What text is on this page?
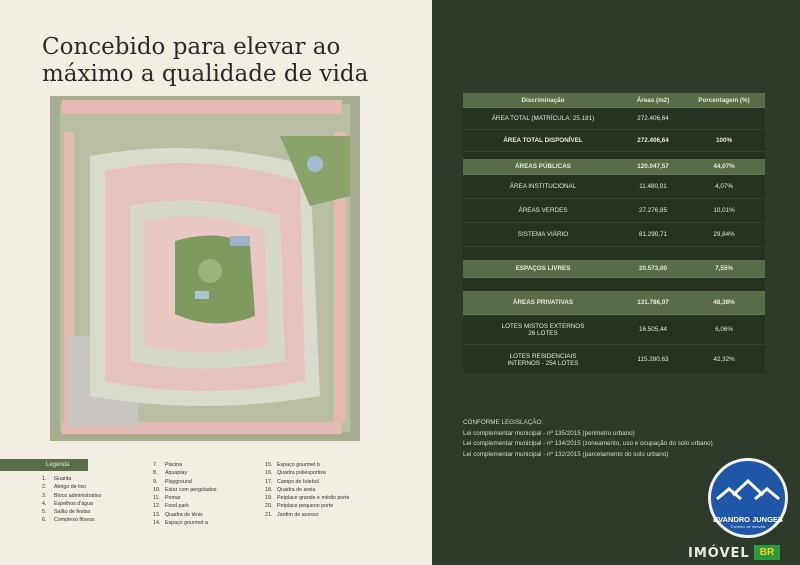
Concebido para elevar ao
máximo a qualidade de vida
Legenda
1. Guarita
2. Abrigo de lixo
3. Bloco administrativo
4. Espelhos d'água
5. Salão de festas
6. Complexo fitness
7. Piscina
8. Aquaplay
9. Playground
10. Estar com pergolados
11. Pomar
12. Food park
13. Quadra de tênis
14. Espaço gourmet a
15. Espaço gourmet b
16. Quadra poliesportiva
17. Campo de futebol
18. Quadra de areia
19. Petplace grande e médio porte
20. Petplace pequeno porte
21. Jardim de acesso
Discriminação	Áreas (m2)	Porcentagem (%)
ÁREA TOTAL (MATRÍCULA: 25.181)	272.406,64
ÁREA TOTAL DISPONÍVEL	272.406,64	100%
ÁREAS PÚBLICAS	120.047,57	44,07%
ÁREA INSTITUCIONAL	11.480,01	4,07%
ÁREAS VERDES	27.276,85	10,01%
SISTEMA VIÁRIO	81.290,71	29,84%
ESPAÇOS LIVRES	20.573,00	7,55%
ÁREAS PRIVATIVAS	131.786,07	48,38%
LOTES MISTOS EXTERNOS
26 LOTES	16.505,44	6,06%
LOTES RESIDENCIAIS
INTERNOS - 254 LOTES	115.280,63	42,32%
CONFORME LEGISLAÇÃO:
Lei complementar municipal - nº 135/2015 (perimetro urbano)
Lei complementar municipal - nº 134/2015 (zoneamento, uso e ocupação do solo urbano)
Lei complementar municipal - nº 132/2015 (parcelamento do solo urbano)
EVANDRO JUNGES
Corretor de Imóveis
IMÓVEL	BR
